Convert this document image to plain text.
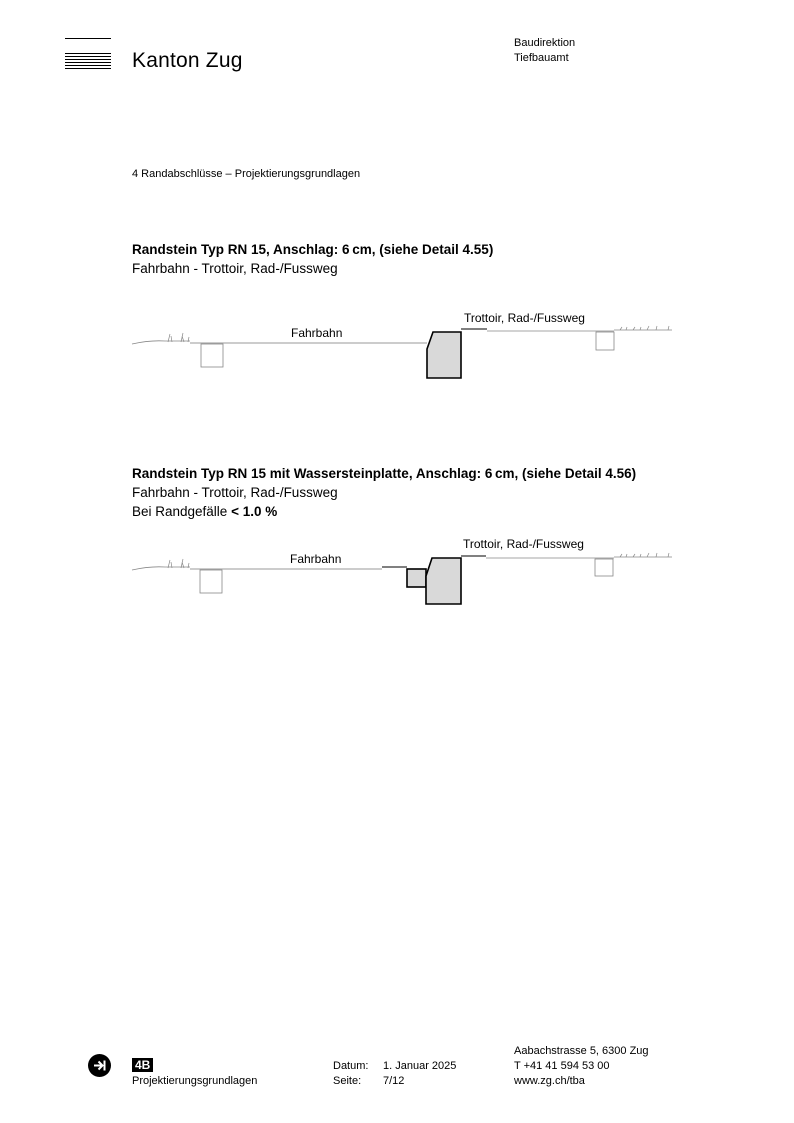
Kanton Zug
Baudirektion
Tiefbauamt
4 Randabschlüsse – Projektierungsgrundlagen
Randstein Typ RN 15, Anschlag: 6 cm, (siehe Detail 4.55)
Fahrbahn - Trottoir, Rad-/Fussweg
Fahrbahn
Trottoir, Rad-/Fussweg
Randstein Typ RN 15 mit Wassersteinplatte, Anschlag: 6 cm, (siehe Detail 4.56)
Fahrbahn - Trottoir, Rad-/Fussweg
Bei Randgefälle < 1.0 %
Fahrbahn
Trottoir, Rad-/Fussweg
4B
Projektierungsgrundlagen
Datum: 1. Januar 2025
Seite: 7/12
Aabachstrasse 5, 6300 Zug
T +41 41 594 53 00
www.zg.ch/tba
